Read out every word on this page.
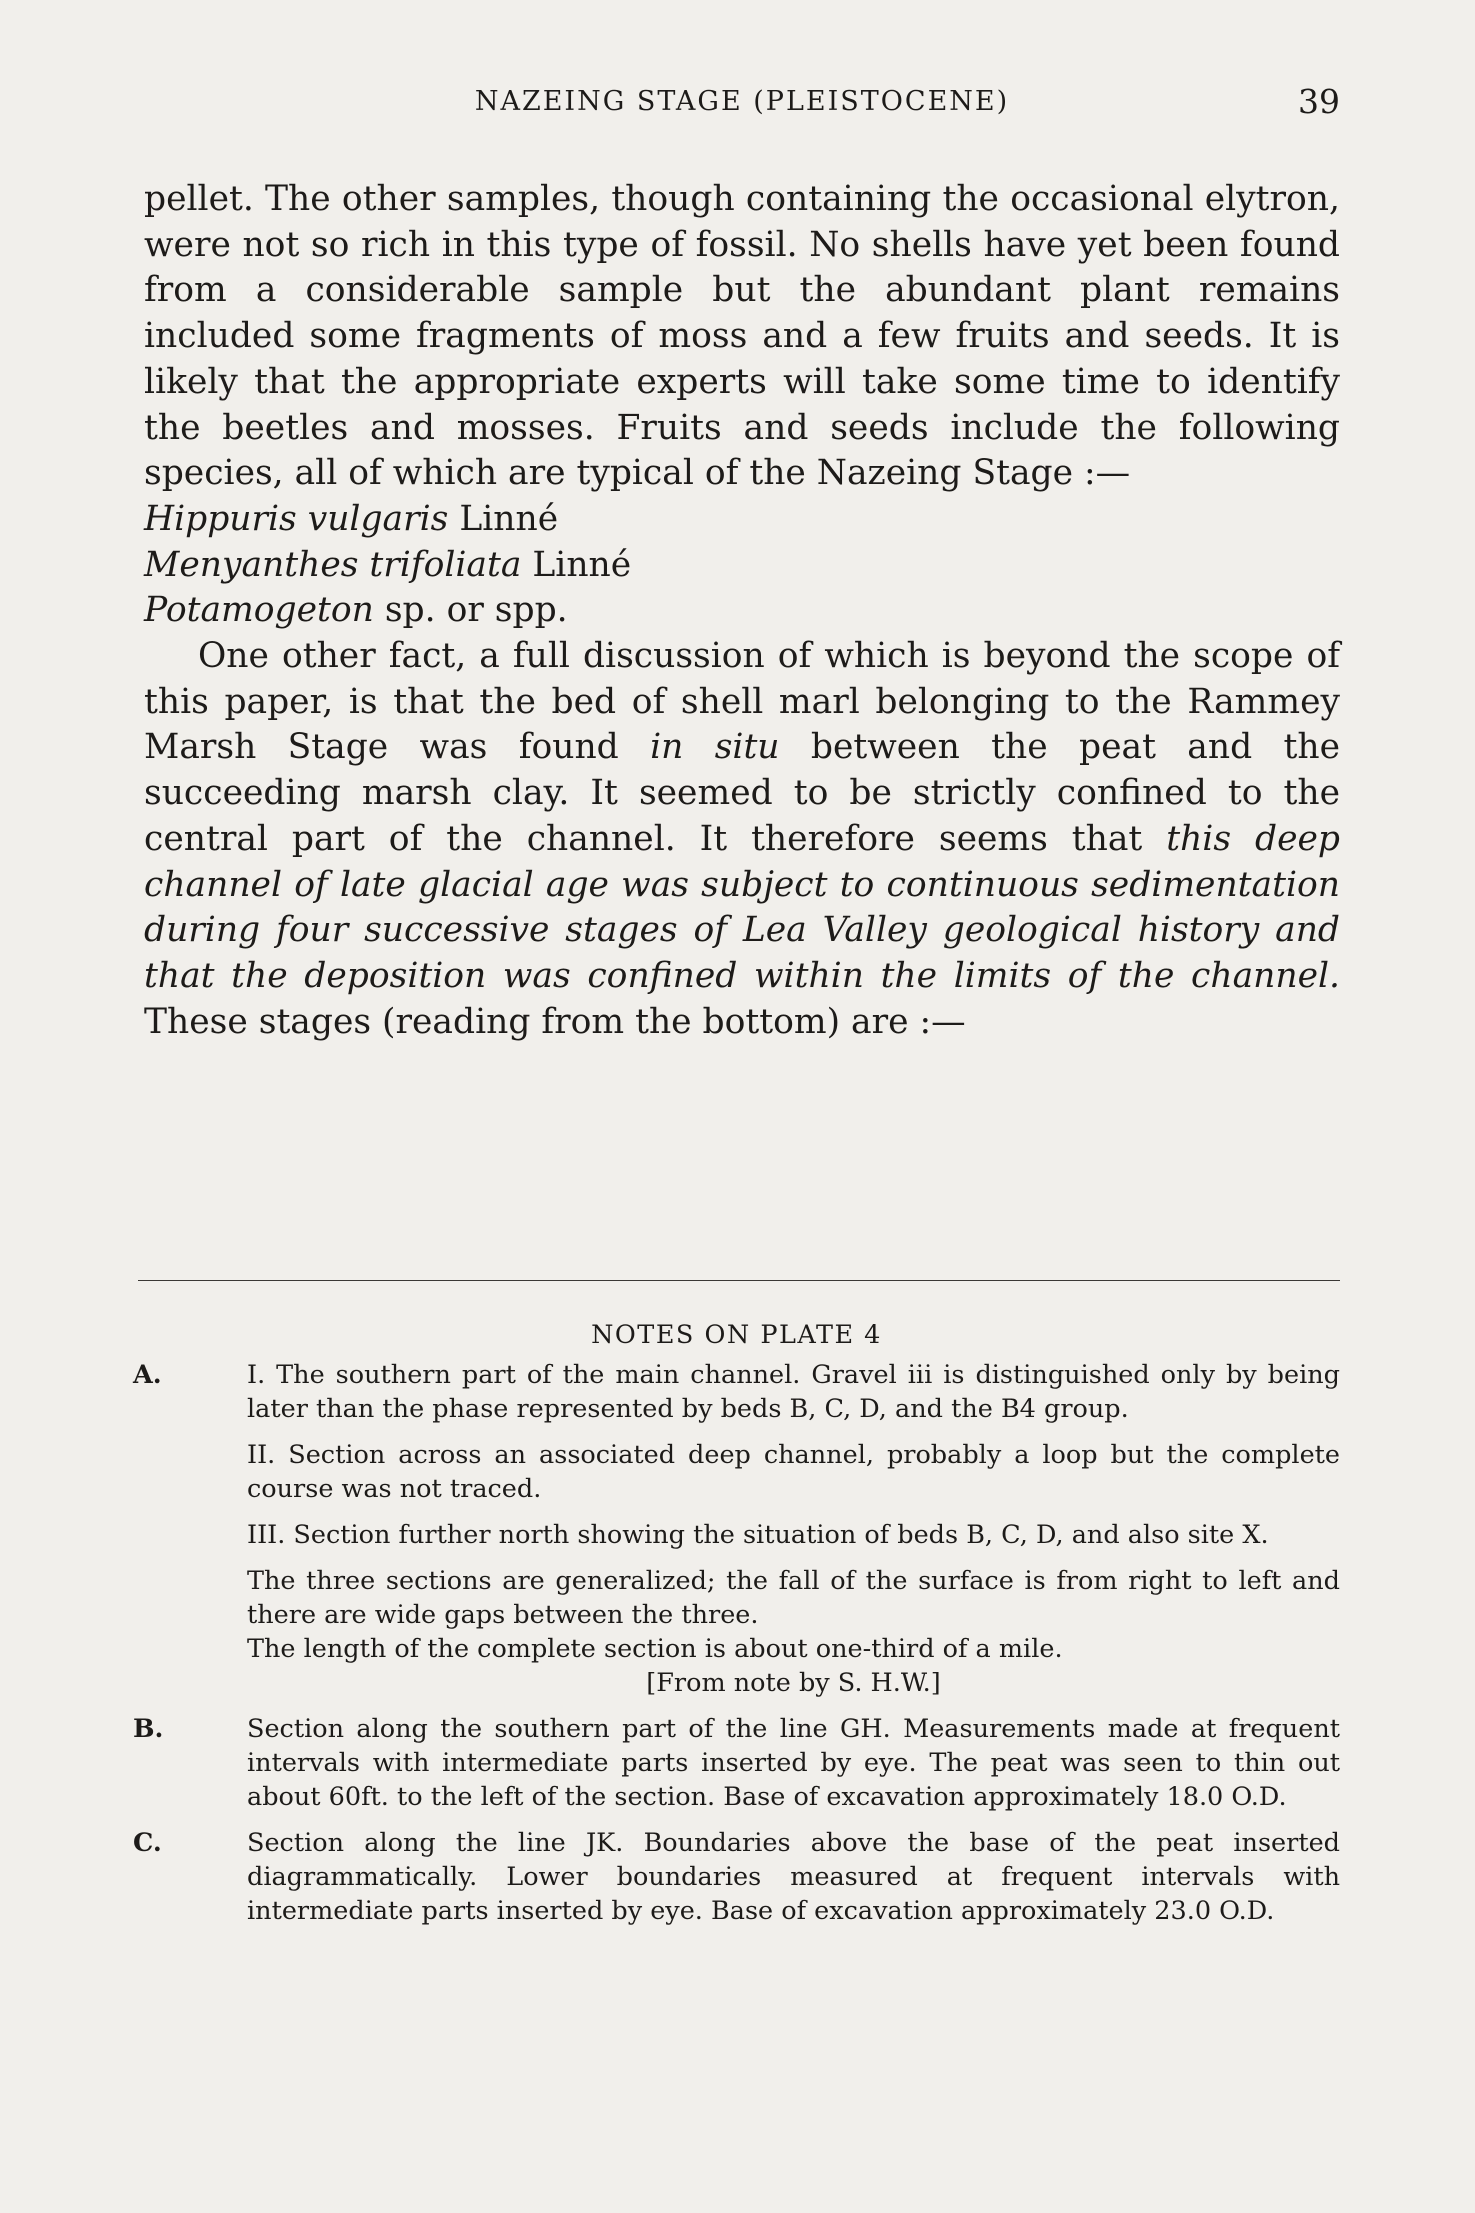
NAZEING STAGE (PLEISTOCENE)	39

pellet. The other samples, though containing the occasional elytron, were not so rich in this type of fossil. No shells have yet been found from a considerable sample but the abundant plant remains included some fragments of moss and a few fruits and seeds. It is likely that the appropriate experts will take some time to identify the beetles and mosses. Fruits and seeds include the following species, all of which are typical of the Nazeing Stage :—

Hippuris vulgaris Linné
Menyanthes trifoliata Linné
Potamogeton sp. or spp.

One other fact, a full discussion of which is beyond the scope of this paper, is that the bed of shell marl belonging to the Rammey Marsh Stage was found in situ between the peat and the succeeding marsh clay. It seemed to be strictly confined to the central part of the channel. It therefore seems that this deep channel of late glacial age was subject to continuous sedimentation during four successive stages of Lea Valley geological history and that the deposition was confined within the limits of the channel. These stages (reading from the bottom) are :—

NOTES ON PLATE 4
A.	I. The southern part of the main channel. Gravel iii is distinguished only by being later than the phase represented by beds B, C, D, and the B4 group.

II. Section across an associated deep channel, probably a loop but the complete course was not traced.

III. Section further north showing the situation of beds B, C, D, and also site X.

The three sections are generalized; the fall of the surface is from right to left and there are wide gaps between the three.

The length of the complete section is about one-third of a mile.

[From note by S. H.W.]
B.	Section along the southern part of the line GH. Measurements made at frequent intervals with intermediate parts inserted by eye. The peat was seen to thin out about 60ft. to the left of the section. Base of excavation approximately 18.0 O.D.

C.	Section along the line JK. Boundaries above the base of the peat inserted diagrammatically. Lower boundaries measured at frequent intervals with intermediate parts inserted by eye. Base of excavation approximately 23.0 O.D.
